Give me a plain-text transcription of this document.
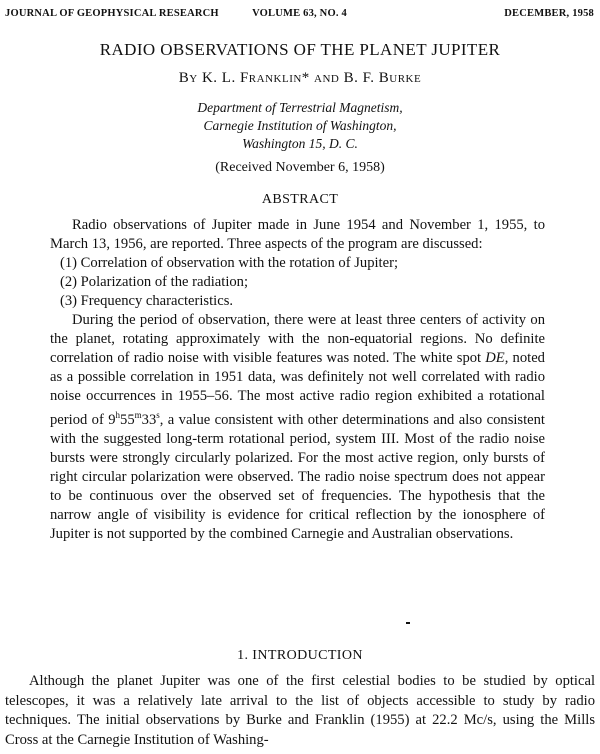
JOURNAL OF GEOPHYSICAL RESEARCH	VOLUME 63, NO. 4	DECEMBER, 1958
RADIO OBSERVATIONS OF THE PLANET JUPITER
By K. L. Franklin* and B. F. Burke
Department of Terrestrial Magnetism,
Carnegie Institution of Washington,
Washington 15, D. C.
(Received November 6, 1958)
ABSTRACT

Radio observations of Jupiter made in June 1954 and November 1, 1955, to March 13, 1956, are reported. Three aspects of the program are discussed:

(1) Correlation of observation with the rotation of Jupiter;

(2) Polarization of the radiation;

(3) Frequency characteristics.

During the period of observation, there were at least three centers of activity on the planet, rotating approximately with the non-equatorial regions. No definite correlation of radio noise with visible features was noted. The white spot DE, noted as a possible correlation in 1951 data, was definitely not well correlated with radio noise occurrences in 1955–56. The most active radio region exhibited a rotational period of 9$^h$55$^m$33$^s$, a value consistent with other determinations and also consistent with the suggested long-term rotational period, system III. Most of the radio noise bursts were strongly circularly polarized. For the most active region, only bursts of right circular polarization were observed. The radio noise spectrum does not appear to be continuous over the observed set of frequencies. The hypothesis that the narrow angle of visibility is evidence for critical reflection by the ionosphere of Jupiter is not supported by the combined Carnegie and Australian observations.

1. INTRODUCTION

Although the planet Jupiter was one of the first celestial bodies to be studied by optical telescopes, it was a relatively late arrival to the list of objects accessible to study by radio techniques. The initial observations by Burke and Franklin (1955) at 22.2 Mc/s, using the Mills Cross at the Carnegie Institution of Washing-
